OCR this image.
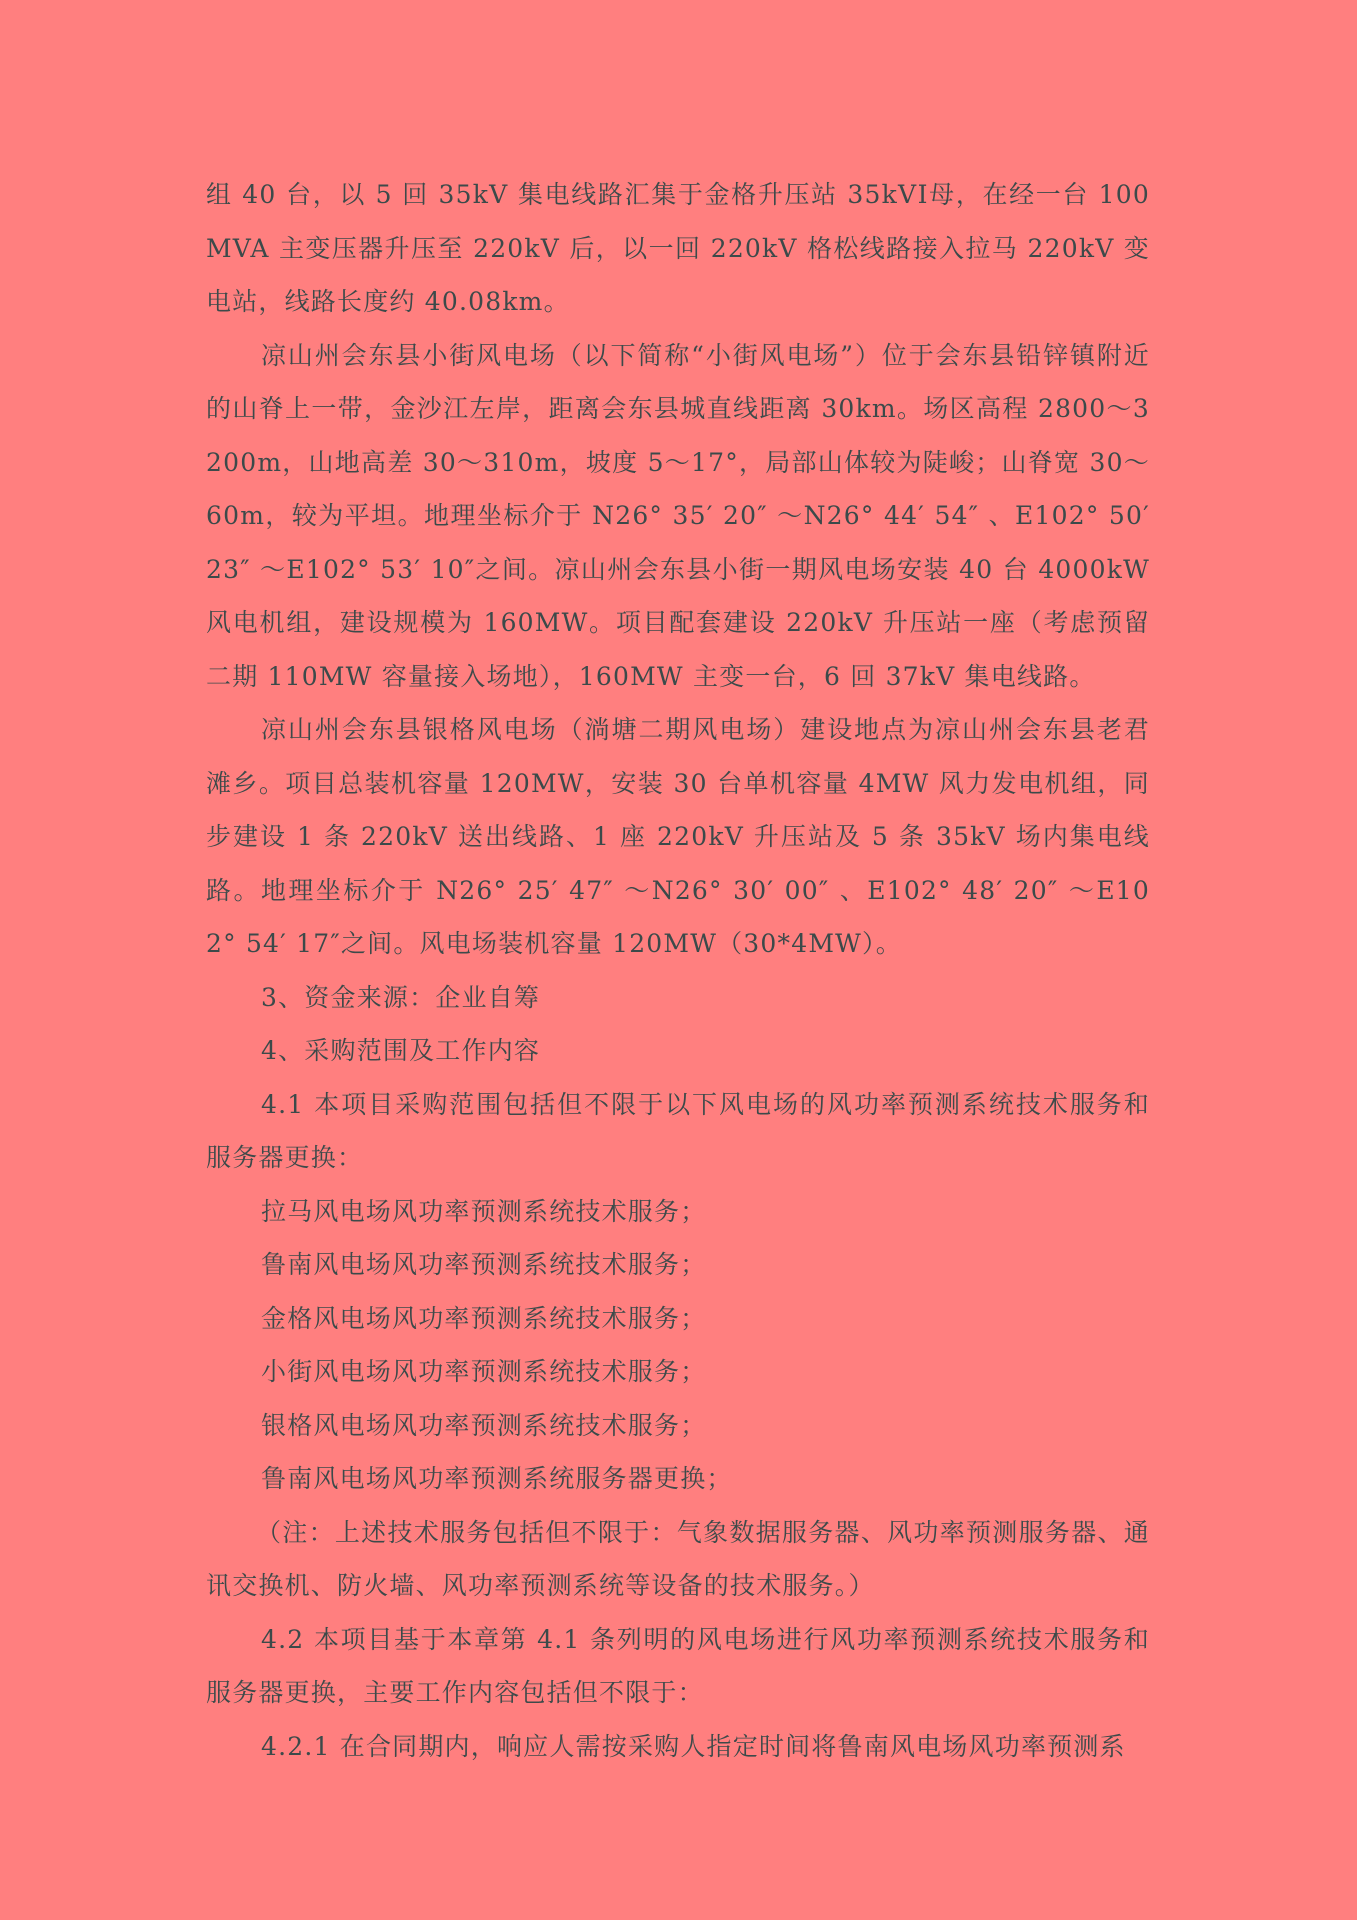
组 40 台，以 5 回 35kV 集电线路汇集于金格升压站 35kVⅠ母，在经一台 100MVA 主变压器升压至 220kV 后，以一回 220kV 格松线路接入拉马 220kV 变电站，线路长度约 40.08km。

凉山州会东县小街风电场（以下简称“小街风电场”）位于会东县铅锌镇附近的山脊上一带，金沙江左岸，距离会东县城直线距离 30km。场区高程 2800～3200m，山地高差 30～310m，坡度 5～17°，局部山体较为陡峻；山脊宽 30～60m，较为平坦。地理坐标介于 N26° 35′ 20″ ～N26° 44′ 54″ 、E102° 50′ 23″ ～E102° 53′ 10″之间。凉山州会东县小街一期风电场安装 40 台 4000kW 风电机组，建设规模为 160MW。项目配套建设 220kV 升压站一座（考虑预留二期 110MW 容量接入场地），160MW 主变一台，6 回 37kV 集电线路。

凉山州会东县银格风电场（淌塘二期风电场）建设地点为凉山州会东县老君滩乡。项目总装机容量 120MW，安装 30 台单机容量 4MW 风力发电机组，同步建设 1 条 220kV 送出线路、1 座 220kV 升压站及 5 条 35kV 场内集电线路。地理坐标介于 N26° 25′ 47″ ～N26° 30′ 00″ 、E102° 48′ 20″ ～E102° 54′ 17″之间。风电场装机容量 120MW（30*4MW）。

3、资金来源：企业自筹

4、采购范围及工作内容

4.1 本项目采购范围包括但不限于以下风电场的风功率预测系统技术服务和服务器更换：

拉马风电场风功率预测系统技术服务；

鲁南风电场风功率预测系统技术服务；

金格风电场风功率预测系统技术服务；

小街风电场风功率预测系统技术服务；

银格风电场风功率预测系统技术服务；

鲁南风电场风功率预测系统服务器更换；

（注：上述技术服务包括但不限于：气象数据服务器、风功率预测服务器、通讯交换机、防火墙、风功率预测系统等设备的技术服务。）

4.2 本项目基于本章第 4.1 条列明的风电场进行风功率预测系统技术服务和服务器更换，主要工作内容包括但不限于：

4.2.1 在合同期内，响应人需按采购人指定时间将鲁南风电场风功率预测系
